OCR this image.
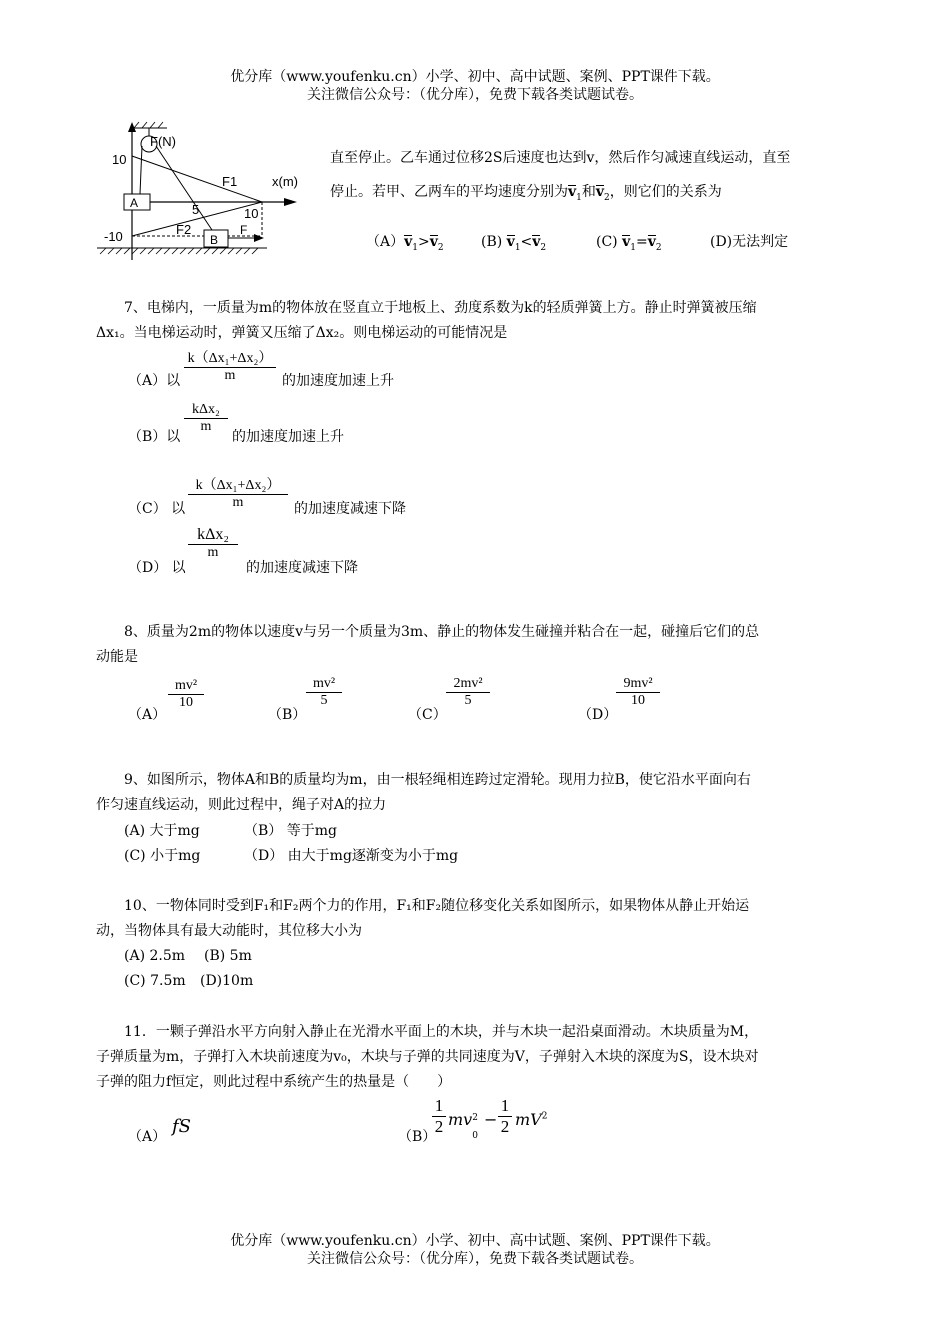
优分库（www.youfenku.cn）小学、初中、高中试题、案例、PPT课件下载。
关注微信公众号：（优分库），免费下载各类试题试卷。
F(N)
x(m)
10
-10
10
F1
F2
5
A
B
F
直至停止。乙车通过位移2S后速度也达到v，然后作匀减速直线运动，直至
停止。若甲、乙两车的平均速度分别为$v_1$和$v_2$，则它们的关系为
$(A)v_1>v_2$	(B) $v_1<v_2$	(C) $v_1=v_2$	(D)无法判定
7、电梯内，一质量为m的物体放在竖直立于地板上、劲度系数为k的轻质弹簧上方。静止时弹簧被压缩
Δx₁。当电梯运动时，弹簧又压缩了Δx₂。则电梯运动的可能情况是
（A）以
k（Δx₁+Δx₂）
m	的加速度加速上升
（B）以
kΔx₂
m
的加速度加速上升
（C） 以
k（Δx₁+Δx₂）
m	的加速度减速下降
（D） 以
kΔx₂
m
的加速度减速下降
8、质量为2m的物体以速度v与另一个质量为3m、静止的物体发生碰撞并粘合在一起，碰撞后它们的总
动能是
（A）
mv²
10
（B）
mv²
5
（C）
2mv²
5
（D）
9mv²
10
9、如图所示，物体A和B的质量均为m，由一根轻绳相连跨过定滑轮。现用力拉B，使它沿水平面向右
作匀速直线运动，则此过程中，绳子对A的拉力
(A) 大于mg	（B） 等于mg
(C) 小于mg	（D） 由大于mg逐渐变为小于mg
10、一物体同时受到F₁和F₂两个力的作用，F₁和F₂随位移变化关系如图所示，如果物体从静止开始运
动，当物体具有最大动能时，其位移大小为
(A) 2.5m (B) 5m
(C) 7.5m (D)10m
11．一颗子弹沿水平方向射入静止在光滑水平面上的木块，并与木块一起沿桌面滑动。木块质量为M，
子弹质量为m，子弹打入木块前速度为v₀，木块与子弹的共同速度为V，子弹射入木块的深度为S，设木块对
子弹的阻力f恒定，则此过程中系统产生的热量是（　　）
（A） fS	（B）
1
2 mv 2
0
−
1
2 $mV^2$
优分库（www.youfenku.cn）小学、初中、高中试题、案例、PPT课件下载。
关注微信公众号：（优分库），免费下载各类试题试卷。
